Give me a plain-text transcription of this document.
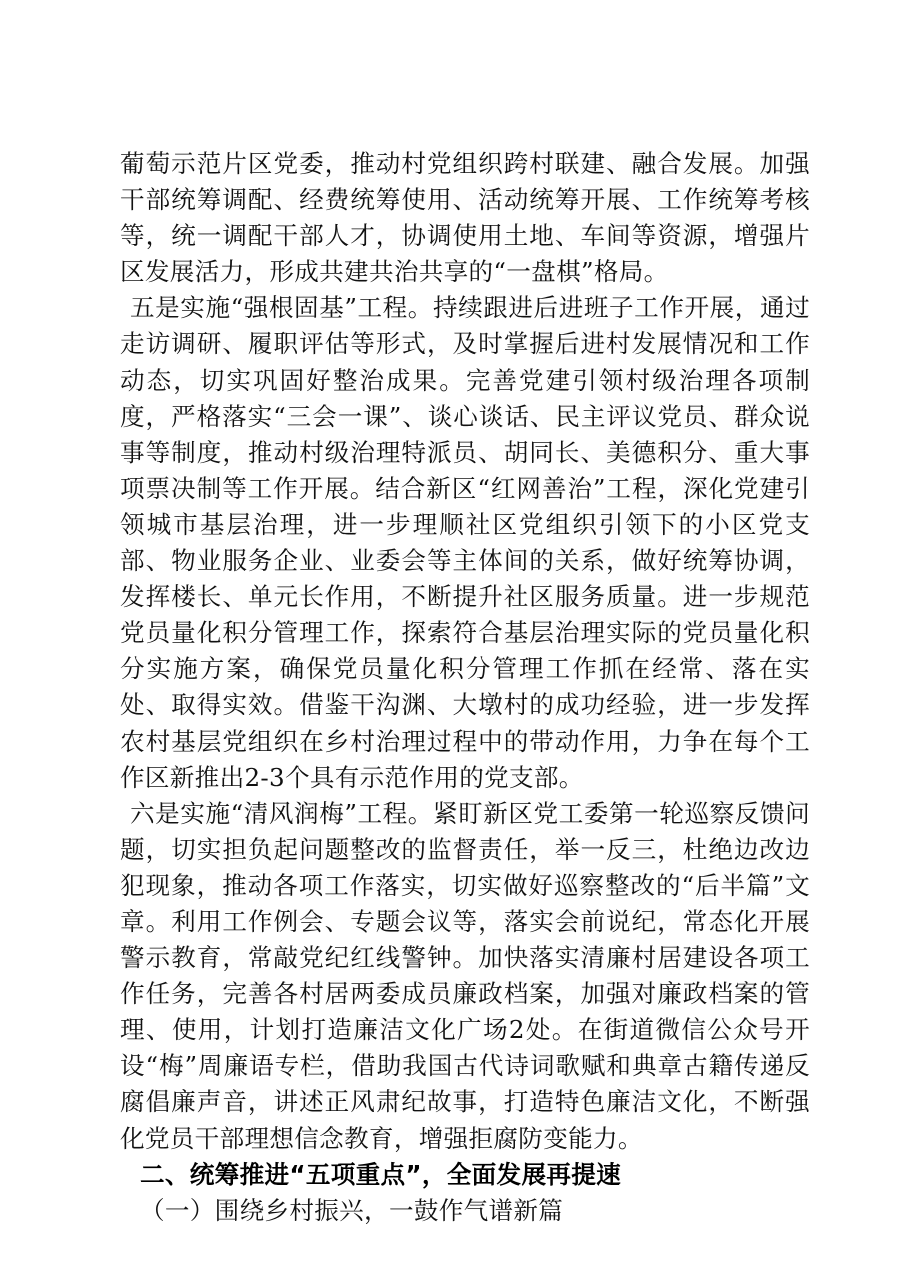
葡萄示范片区党委，推动村党组织跨村联建、融合发展。加强干部统筹调配、经费统筹使用、活动统筹开展、工作统筹考核等，统一调配干部人才，协调使用土地、车间等资源，增强片区发展活力，形成共建共治共享的“一盘棋”格局。

五是实施“强根固基”工程。持续跟进后进班子工作开展，通过走访调研、履职评估等形式，及时掌握后进村发展情况和工作动态，切实巩固好整治成果。完善党建引领村级治理各项制度，严格落实“三会一课”、谈心谈话、民主评议党员、群众说事等制度，推动村级治理特派员、胡同长、美德积分、重大事项票决制等工作开展。结合新区“红网善治”工程，深化党建引领城市基层治理，进一步理顺社区党组织引领下的小区党支部、物业服务企业、业委会等主体间的关系，做好统筹协调，发挥楼长、单元长作用，不断提升社区服务质量。进一步规范党员量化积分管理工作，探索符合基层治理实际的党员量化积分实施方案，确保党员量化积分管理工作抓在经常、落在实处、取得实效。借鉴干沟渊、大墩村的成功经验，进一步发挥农村基层党组织在乡村治理过程中的带动作用，力争在每个工作区新推出2-3个具有示范作用的党支部。

六是实施“清风润梅”工程。紧盯新区党工委第一轮巡察反馈问题，切实担负起问题整改的监督责任，举一反三，杜绝边改边犯现象，推动各项工作落实，切实做好巡察整改的“后半篇”文章。利用工作例会、专题会议等，落实会前说纪，常态化开展警示教育，常敲党纪红线警钟。加快落实清廉村居建设各项工作任务，完善各村居两委成员廉政档案，加强对廉政档案的管理、使用，计划打造廉洁文化广场2处。在街道微信公众号开设“梅”周廉语专栏，借助我国古代诗词歌赋和典章古籍传递反腐倡廉声音，讲述正风肃纪故事，打造特色廉洁文化，不断强化党员干部理想信念教育，增强拒腐防变能力。

二、统筹推进“五项重点”，全面发展再提速

（一）围绕乡村振兴，一鼓作气谱新篇
